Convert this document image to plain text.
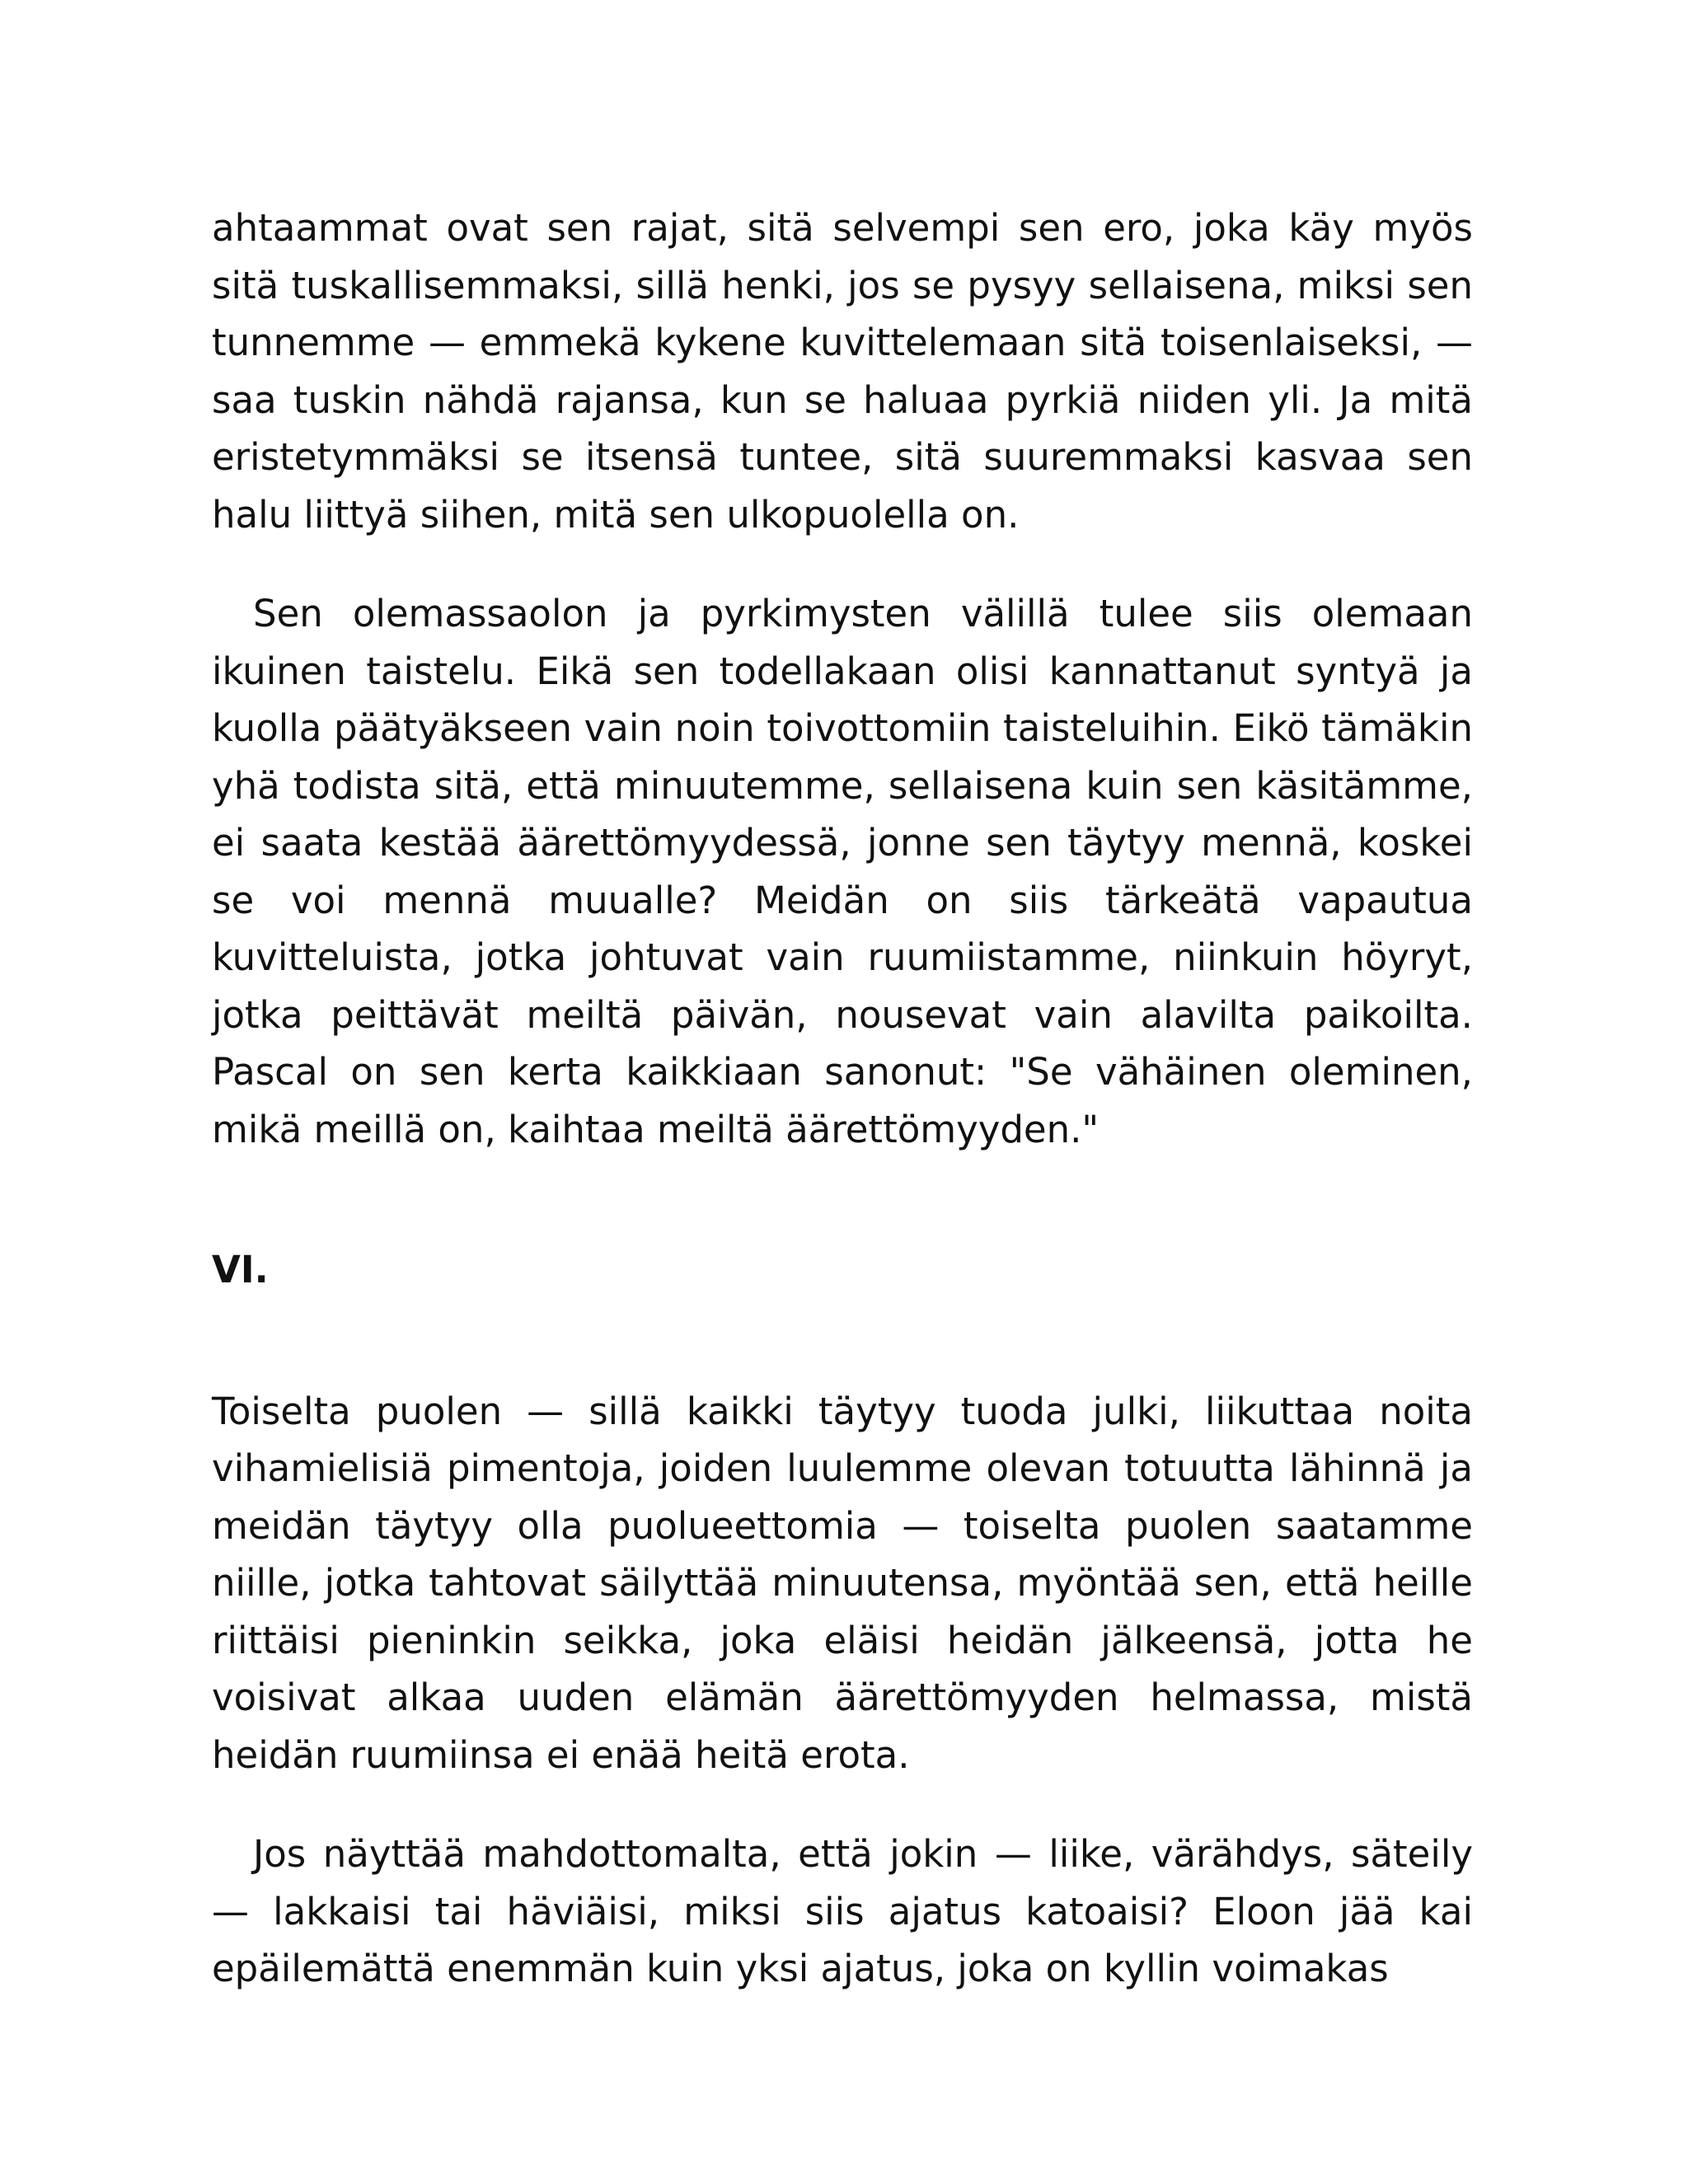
ahtaammat ovat sen rajat, sitä selvempi sen ero, joka käy myös sitä tuskallisemmaksi, sillä henki, jos se pysyy sellaisena, miksi sen tunnemme — emmekä kykene kuvittelemaan sitä toisenlaiseksi, — saa tuskin nähdä rajansa, kun se haluaa pyrkiä niiden yli. Ja mitä eristetymmäksi se itsensä tuntee, sitä suuremmaksi kasvaa sen halu liittyä siihen, mitä sen ulkopuolella on.

Sen olemassaolon ja pyrkimysten välillä tulee siis olemaan ikuinen taistelu. Eikä sen todellakaan olisi kannattanut syntyä ja kuolla päätyäkseen vain noin toivottomiin taisteluihin. Eikö tämäkin yhä todista sitä, että minuutemme, sellaisena kuin sen käsitämme, ei saata kestää äärettömyydessä, jonne sen täytyy mennä, koskei se voi mennä muualle? Meidän on siis tärkeätä vapautua kuvitteluista, jotka johtuvat vain ruumiistamme, niinkuin höyryt, jotka peittävät meiltä päivän, nousevat vain alavilta paikoilta. Pascal on sen kerta kaikkiaan sanonut: "Se vähäinen oleminen, mikä meillä on, kaihtaa meiltä äärettömyyden."

VI.

Toiselta puolen — sillä kaikki täytyy tuoda julki, liikuttaa noita vihamielisiä pimentoja, joiden luulemme olevan totuutta lähinnä ja meidän täytyy olla puolueettomia — toiselta puolen saatamme niille, jotka tahtovat säilyttää minuutensa, myöntää sen, että heille riittäisi pieninkin seikka, joka eläisi heidän jälkeensä, jotta he voisivat alkaa uuden elämän äärettömyyden helmassa, mistä heidän ruumiinsa ei enää heitä erota.

Jos näyttää mahdottomalta, että jokin — liike, värähdys, säteily — lakkaisi tai häviäisi, miksi siis ajatus katoaisi? Eloon jää kai epäilemättä enemmän kuin yksi ajatus, joka on kyllin voimakas
